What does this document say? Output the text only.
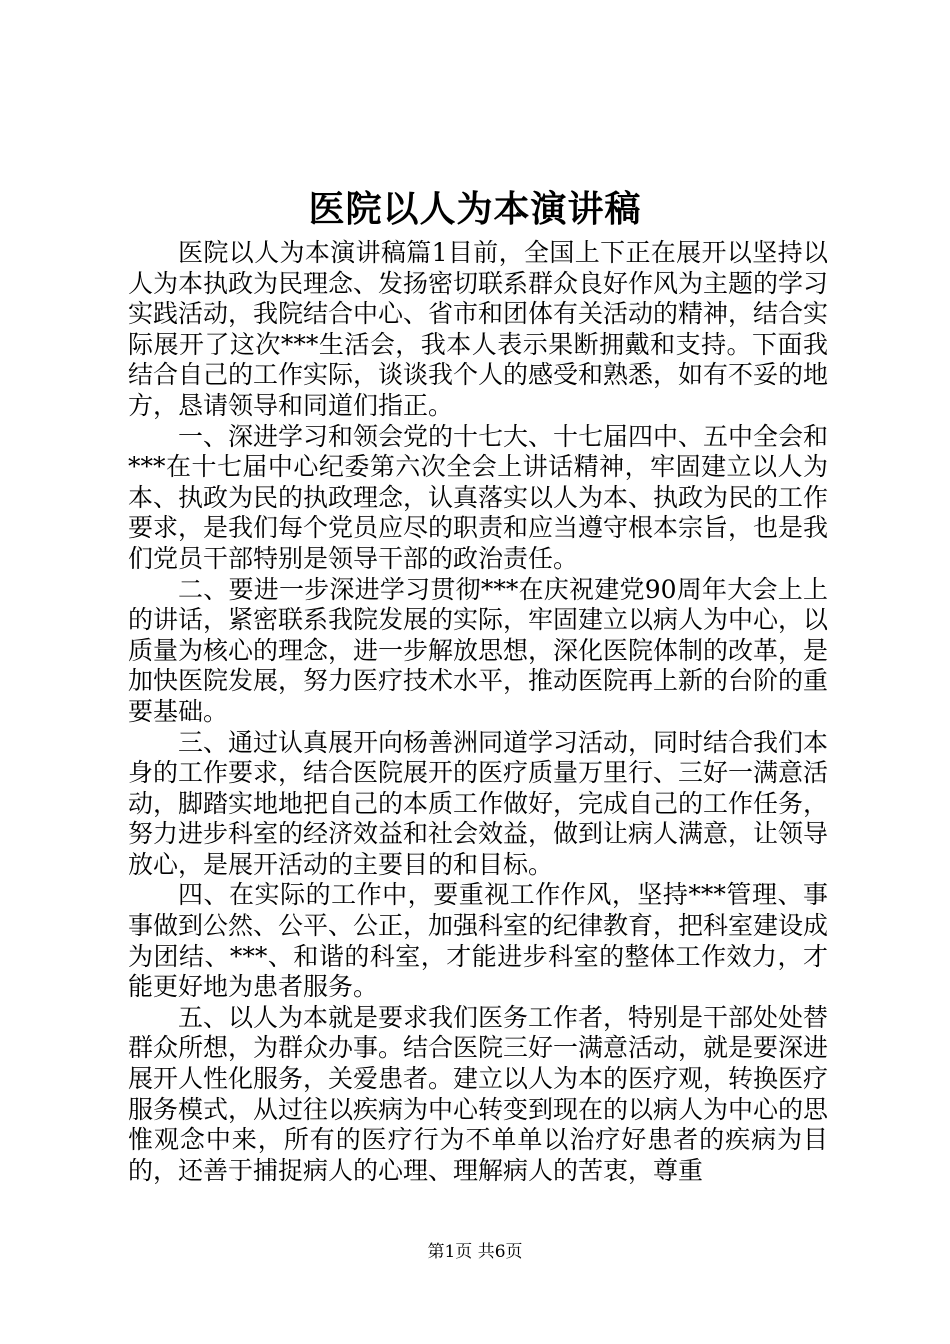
医院以人为本演讲稿

医院以人为本演讲稿篇1目前，全国上下正在展开以坚持以人为本执政为民理念、发扬密切联系群众良好作风为主题的学习实践活动，我院结合中心、省市和团体有关活动的精神，结合实际展开了这次***生活会，我本人表示果断拥戴和支持。下面我结合自己的工作实际，谈谈我个人的感受和熟悉，如有不妥的地方，恳请领导和同道们指正。

一、深进学习和领会党的十七大、十七届四中、五中全会和***在十七届中心纪委第六次全会上讲话精神，牢固建立以人为本、执政为民的执政理念，认真落实以人为本、执政为民的工作要求，是我们每个党员应尽的职责和应当遵守根本宗旨，也是我们党员干部特别是领导干部的政治责任。

二、要进一步深进学习贯彻***在庆祝建党90周年大会上上的讲话，紧密联系我院发展的实际，牢固建立以病人为中心，以质量为核心的理念，进一步解放思想，深化医院体制的改革，是加快医院发展，努力医疗技术水平，推动医院再上新的台阶的重要基础。

三、通过认真展开向杨善洲同道学习活动，同时结合我们本身的工作要求，结合医院展开的医疗质量万里行、三好一满意活动，脚踏实地地把自己的本质工作做好，完成自己的工作任务，努力进步科室的经济效益和社会效益，做到让病人满意，让领导放心，是展开活动的主要目的和目标。

四、在实际的工作中，要重视工作作风，坚持***管理、事事做到公然、公平、公正，加强科室的纪律教育，把科室建设成为团结、***、和谐的科室，才能进步科室的整体工作效力，才能更好地为患者服务。

五、以人为本就是要求我们医务工作者，特别是干部处处替群众所想，为群众办事。结合医院三好一满意活动，就是要深进展开人性化服务，关爱患者。建立以人为本的医疗观，转换医疗服务模式，从过往以疾病为中心转变到现在的以病人为中心的思惟观念中来，所有的医疗行为不单单以治疗好患者的疾病为目的，还善于捕捉病人的心理、理解病人的苦衷，尊重

第1页 共6页
